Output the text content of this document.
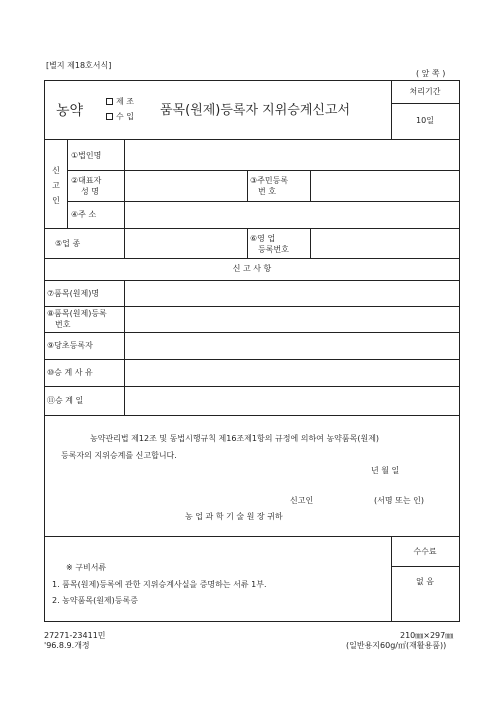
[별지 제18호서식]
( 앞 쪽 )
농약
제 조
수 입 품목(원제)등록자 지위승계신고서
처리기간
10일
신 고 인
①법인명
②대표자
성 명
③주민등록
번 호
④주 소
⑤업 종
⑥영 업
등록번호
신 고 사 항
⑦품목(원제)명
⑧품목(원제)등록
번호
⑨당초등록자
⑩승 계 사 유
⑪승 계 일
농약관리법 제12조 및 동법시행규칙 제16조제1항의 규정에 의하여 농약품목(원제)
등록자의 지위승계를 신고합니다.
년 월 일
신고인	(서명 또는 인)
농 업 과 학 기 술 원 장 귀하
※ 구비서류
1. 품목(원제)등록에 관한 지위승계사실을 증명하는 서류 1부.
2. 농약품목(원제)등록증
수수료
없 음
27271-23411민
'96.8.9.개정
210㎜×297㎜
(일반용지60g/㎡(재활용품))
